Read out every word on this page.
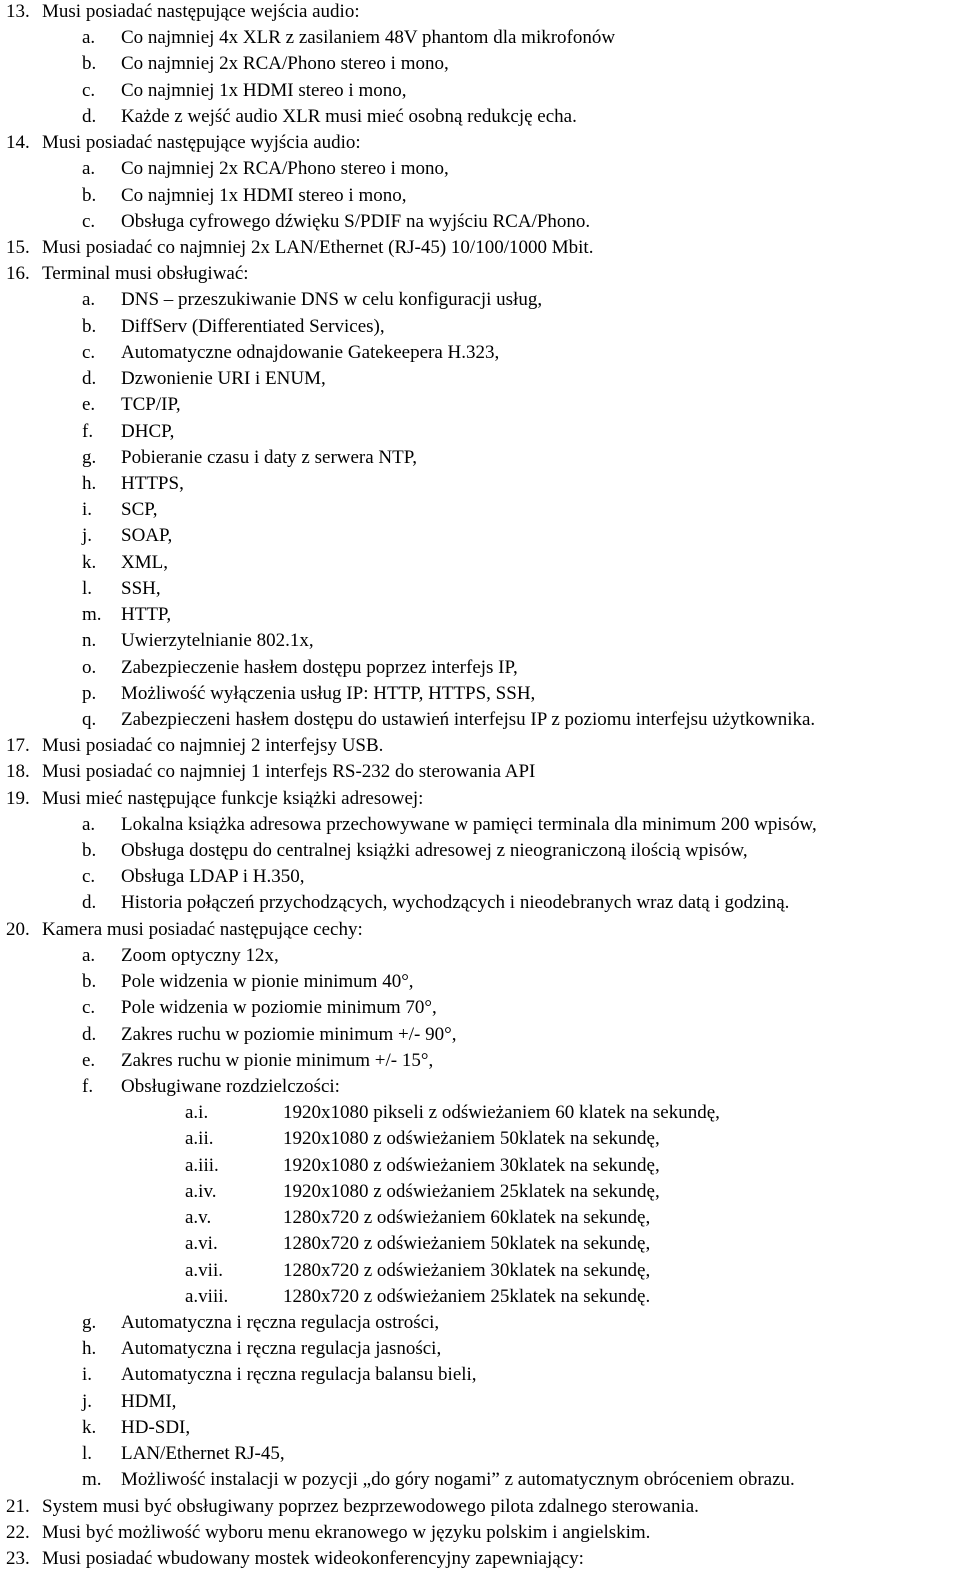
13. Musi posiadać następujące wejścia audio:
a. Co najmniej 4x XLR z zasilaniem 48V phantom dla mikrofonów
b. Co najmniej 2x RCA/Phono stereo i mono,
c. Co najmniej 1x HDMI stereo i mono,
d. Każde z wejść audio XLR musi mieć osobną redukcję echa.
14. Musi posiadać następujące wyjścia audio:
a. Co najmniej 2x RCA/Phono stereo i mono,
b. Co najmniej 1x HDMI stereo i mono,
c. Obsługa cyfrowego dźwięku S/PDIF na wyjściu RCA/Phono.
15. Musi posiadać co najmniej 2x LAN/Ethernet (RJ-45) 10/100/1000 Mbit.
16. Terminal musi obsługiwać:
a. DNS – przeszukiwanie DNS w celu konfiguracji usług,
b. DiffServ (Differentiated Services),
c. Automatyczne odnajdowanie Gatekeepera H.323,
d. Dzwonienie URI i ENUM,
e. TCP/IP,
f. DHCP,
g. Pobieranie czasu i daty z serwera NTP,
h. HTTPS,
i. SCP,
j. SOAP,
k. XML,
l. SSH,
m. HTTP,
n. Uwierzytelnianie 802.1x,
o. Zabezpieczenie hasłem dostępu poprzez interfejs IP,
p. Możliwość wyłączenia usług IP: HTTP, HTTPS, SSH,
q. Zabezpieczeni hasłem dostępu do ustawień interfejsu IP z poziomu interfejsu użytkownika.
17. Musi posiadać co najmniej 2 interfejsy USB.
18. Musi posiadać co najmniej 1 interfejs RS-232 do sterowania API
19. Musi mieć następujące funkcje książki adresowej:
a. Lokalna książka adresowa przechowywane w pamięci terminala dla minimum 200 wpisów,
b. Obsługa dostępu do centralnej książki adresowej z nieograniczoną ilością wpisów,
c. Obsługa LDAP i H.350,
d. Historia połączeń przychodzących, wychodzących i nieodebranych wraz datą i godziną.
20. Kamera musi posiadać następujące cechy:
a. Zoom optyczny 12x,
b. Pole widzenia w pionie minimum 40°,
c. Pole widzenia w poziomie minimum 70°,
d. Zakres ruchu w poziomie minimum +/- 90°,
e. Zakres ruchu w pionie minimum +/- 15°,
f. Obsługiwane rozdzielczości:
a.i.	1920x1080 pikseli z odświeżaniem 60 klatek na sekundę,
a.ii.	1920x1080 z odświeżaniem 50klatek na sekundę,
a.iii.	1920x1080 z odświeżaniem 30klatek na sekundę,
a.iv.	1920x1080 z odświeżaniem 25klatek na sekundę,
a.v.	1280x720 z odświeżaniem 60klatek na sekundę,
a.vi.	1280x720 z odświeżaniem 50klatek na sekundę,
a.vii.	1280x720 z odświeżaniem 30klatek na sekundę,
a.viii.	1280x720 z odświeżaniem 25klatek na sekundę.
g. Automatyczna i ręczna regulacja ostrości,
h. Automatyczna i ręczna regulacja jasności,
i. Automatyczna i ręczna regulacja balansu bieli,
j. HDMI,
k. HD-SDI,
l. LAN/Ethernet RJ-45,
m. Możliwość instalacji w pozycji „do góry nogami” z automatycznym obróceniem obrazu.
21. System musi być obsługiwany poprzez bezprzewodowego pilota zdalnego sterowania.
22. Musi być możliwość wyboru menu ekranowego w języku polskim i angielskim.
23. Musi posiadać wbudowany mostek wideokonferencyjny zapewniający:
